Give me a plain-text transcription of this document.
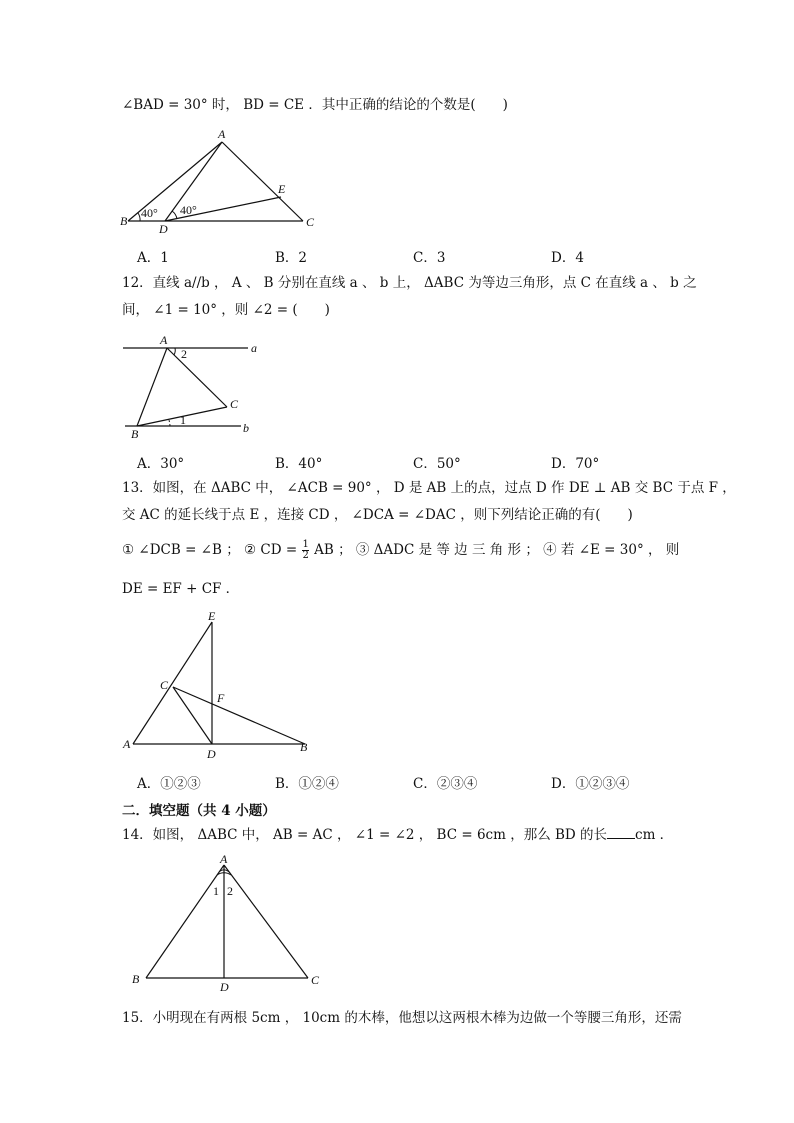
∠BAD = 30° 时， BD = CE ．其中正确的结论的个数是(　　)
A
B	C
D
E
40° 40°
A．1	B．2	C．3	D．4
12．直线 a//b ， A 、 B 分别在直线 a 、 b 上， ΔABC 为等边三角形，点 C 在直线 a 、 b 之
间， ∠1 = 10° ，则 ∠2 = (　　)
A
B
C
a
b
1
2
A．30°	B．40°	C．50°	D．70°
13．如图，在 ΔABC 中， ∠ACB = 90° ， D 是 AB 上的点，过点 D 作 DE ⊥ AB 交 BC 于点 F ，
交 AC 的延长线于点 E ，连接 CD ， ∠DCA = ∠DAC ，则下列结论正确的有(　　)
① ∠DCB = ∠B ； ② CD = $\frac{1}{2}$ AB ； ③ ΔADC 是 等 边 三 角 形 ； ④ 若 ∠E = 30° ， 则
DE = EF + CF ．
E
C
F
A
D	B
A．①②③	B．①②④	C．②③④	D．①②③④
二．填空题（共 4 小题）
14．如图， ΔABC 中， AB = AC ， ∠1 = ∠2 ， BC = 6cm ，那么 BD 的长 cm ．
A
B	C
D
1 2
15．小明现在有两根 5cm ， 10cm 的木棒，他想以这两根木棒为边做一个等腰三角形，还需
